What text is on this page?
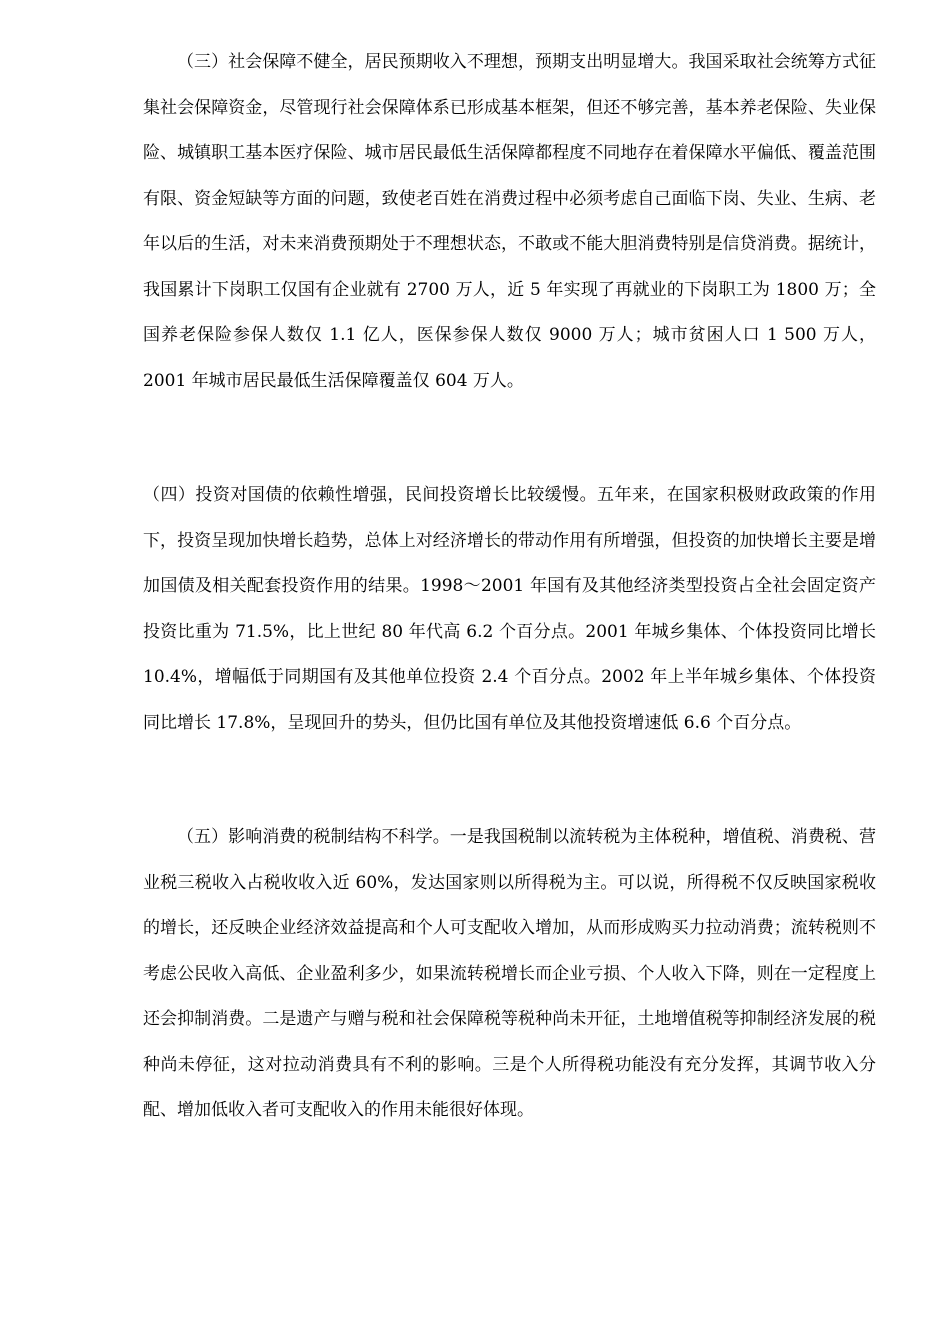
（三）社会保障不健全，居民预期收入不理想，预期支出明显增大。我国采取社会统筹方式征集社会保障资金，尽管现行社会保障体系已形成基本框架，但还不够完善，基本养老保险、失业保险、城镇职工基本医疗保险、城市居民最低生活保障都程度不同地存在着保障水平偏低、覆盖范围有限、资金短缺等方面的问题，致使老百姓在消费过程中必须考虑自己面临下岗、失业、生病、老年以后的生活，对未来消费预期处于不理想状态，不敢或不能大胆消费特别是信贷消费。据统计，我国累计下岗职工仅国有企业就有 2700 万人，近 5 年实现了再就业的下岗职工为 1800 万；全国养老保险参保人数仅 1.1 亿人，医保参保人数仅 9000 万人；城市贫困人口 1 500 万人，2001 年城市居民最低生活保障覆盖仅 604 万人。

（四）投资对国债的依赖性增强，民间投资增长比较缓慢。五年来，在国家积极财政政策的作用下，投资呈现加快增长趋势，总体上对经济增长的带动作用有所增强，但投资的加快增长主要是增加国债及相关配套投资作用的结果。1998～2001 年国有及其他经济类型投资占全社会固定资产投资比重为 71.5%，比上世纪 80 年代高 6.2 个百分点。2001 年城乡集体、个体投资同比增长 10.4%，增幅低于同期国有及其他单位投资 2.4 个百分点。2002 年上半年城乡集体、个体投资同比增长 17.8%，呈现回升的势头，但仍比国有单位及其他投资增速低 6.6 个百分点。

（五）影响消费的税制结构不科学。一是我国税制以流转税为主体税种，增值税、消费税、营业税三税收入占税收收入近 60%，发达国家则以所得税为主。可以说，所得税不仅反映国家税收的增长，还反映企业经济效益提高和个人可支配收入增加，从而形成购买力拉动消费；流转税则不考虑公民收入高低、企业盈利多少，如果流转税增长而企业亏损、个人收入下降，则在一定程度上还会抑制消费。二是遗产与赠与税和社会保障税等税种尚未开征，土地增值税等抑制经济发展的税种尚未停征，这对拉动消费具有不利的影响。三是个人所得税功能没有充分发挥，其调节收入分配、增加低收入者可支配收入的作用未能很好体现。
